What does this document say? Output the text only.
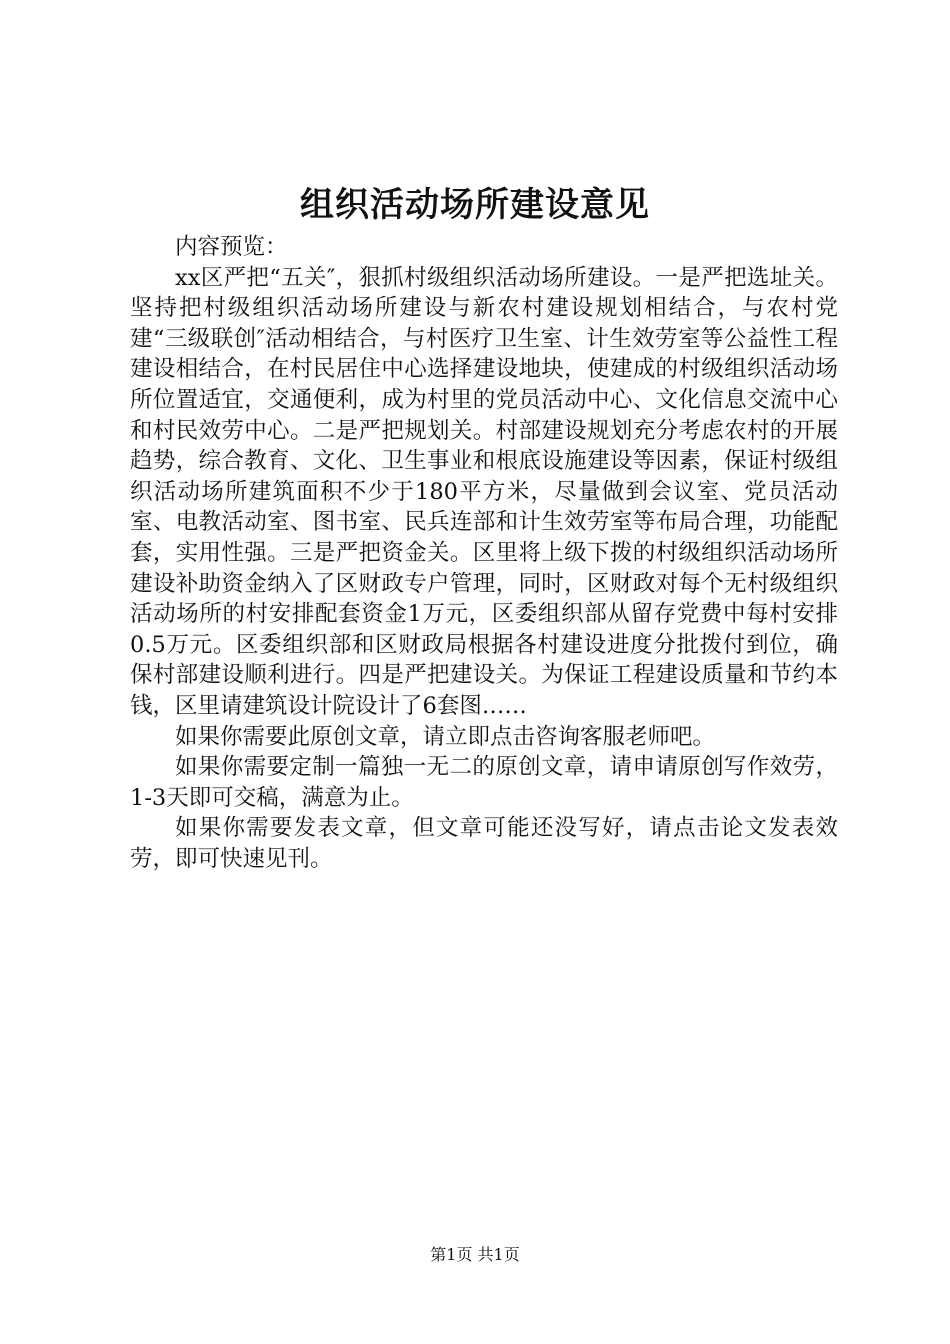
组织活动场所建设意见

内容预览：

xx区严把“五关″，狠抓村级组织活动场所建设。一是严把选址关。坚持把村级组织活动场所建设与新农村建设规划相结合，与农村党建“三级联创″活动相结合，与村医疗卫生室、计生效劳室等公益性工程建设相结合，在村民居住中心选择建设地块，使建成的村级组织活动场所位置适宜，交通便利，成为村里的党员活动中心、文化信息交流中心和村民效劳中心。二是严把规划关。村部建设规划充分考虑农村的开展趋势，综合教育、文化、卫生事业和根底设施建设等因素，保证村级组织活动场所建筑面积不少于180平方米，尽量做到会议室、党员活动室、电教活动室、图书室、民兵连部和计生效劳室等布局合理，功能配套，实用性强。三是严把资金关。区里将上级下拨的村级组织活动场所建设补助资金纳入了区财政专户管理，同时，区财政对每个无村级组织活动场所的村安排配套资金1万元，区委组织部从留存党费中每村安排0.5万元。区委组织部和区财政局根据各村建设进度分批拨付到位，确保村部建设顺利进行。四是严把建设关。为保证工程建设质量和节约本钱，区里请建筑设计院设计了6套图……

如果你需要此原创文章，请立即点击咨询客服老师吧。

如果你需要定制一篇独一无二的原创文章，请申请原创写作效劳，1-3天即可交稿，满意为止。

如果你需要发表文章，但文章可能还没写好，请点击论文发表效劳，即可快速见刊。

第1页 共1页
